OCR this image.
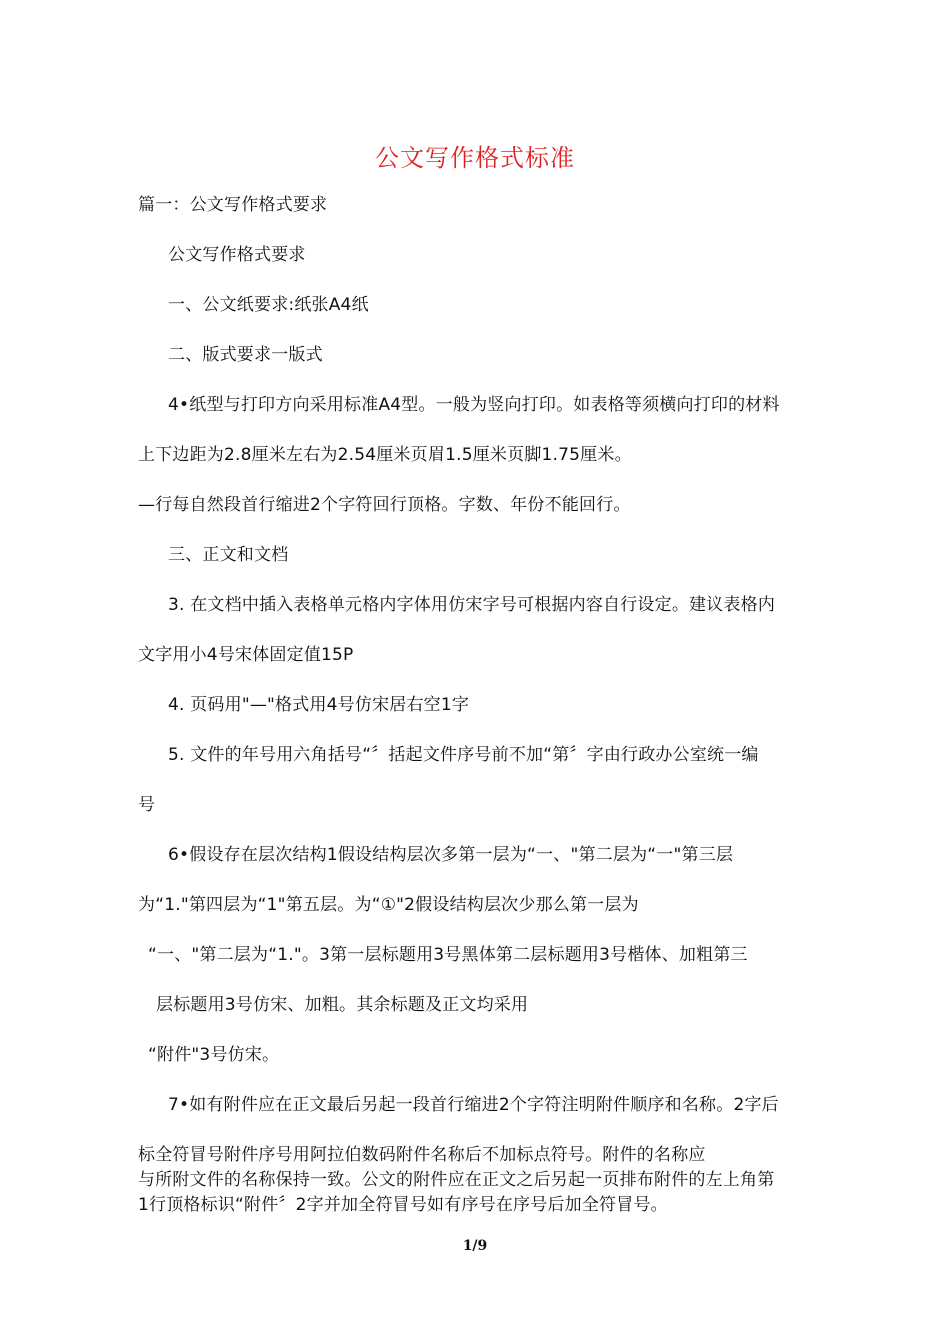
公文写作格式标准
篇一：公文写作格式要求
公文写作格式要求
一、公文纸要求:纸张A4纸
二、版式要求一版式
4•纸型与打印方向采用标准A4型。一般为竖向打印。如表格等须横向打印的材料
上下边距为2.8厘米左右为2.54厘米页眉1.5厘米页脚1.75厘米。
—行每自然段首行缩进2个字符回行顶格。字数、年份不能回行。
三、正文和文档
3. 在文档中插入表格单元格内字体用仿宋字号可根据内容自行设定。建议表格内
文字用小4号宋体固定值15P
4. 页码用"—"格式用4号仿宋居右空1字
5. 文件的年号用六角括号“〞括起文件序号前不加“第〞字由行政办公室统一编
号
6•假设存在层次结构1假设结构层次多第一层为“一、"第二层为“一"第三层
为“1."第四层为“1"第五层。为“①"2假设结构层次少那么第一层为
“一、"第二层为“1."。3第一层标题用3号黑体第二层标题用3号楷体、加粗第三
层标题用3号仿宋、加粗。其余标题及正文均采用
“附件"3号仿宋。
7•如有附件应在正文最后另起一段首行缩进2个字符注明附件顺序和名称。2字后
标全符冒号附件序号用阿拉伯数码附件名称后不加标点符号。附件的名称应
与所附文件的名称保持一致。公文的附件应在正文之后另起一页排布附件的左上角第
1行顶格标识“附件〞2字并加全符冒号如有序号在序号后加全符冒号。
1/9
